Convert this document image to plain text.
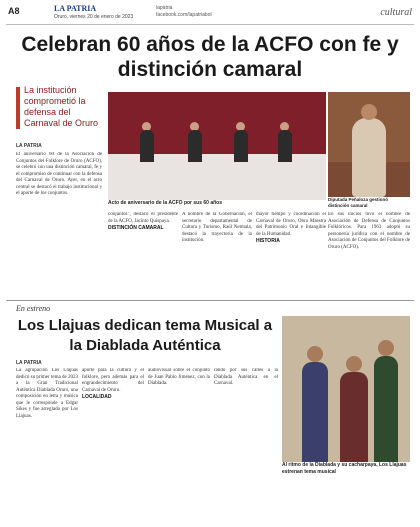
A8	LA PATRIA
Oruro, viernes 20 de enero de 2023
lapatria
facebook.com/lapatriabol	cultural
Celebran 60 años de la ACFO con fe y distinción camaral
La institución comprometió la defensa del Carnaval de Oruro
LA PATRIA
Acto de aniversario de la ACFO por sus 60 años
Diputada Peñaloza gestionó distinción camaral
El aniversario 60 de la Asociación de Conjuntos del Folklore de Oruro (ACFO), se celebró con una distinción camaral, fe y el compromiso de continuar con la defensa del Carnaval de Oruro. Ayer, en el acto central se destacó el trabajo institucional y el aporte de los conjuntos.
conjuntos", destacó el presidente de la ACFO, Jacinto Quispaya.
DISTINCIÓN CAMARAL
A nombre de la Gobernación, el secretario departamental de Cultura y Turismo, Raúl Nemtala, destacó la trayectoria de la institución.
mayor tiempo y coordinación el Carnaval de Oruro, Obra Maestra del Patrimonio Oral e Intangible de la Humanidad.
HISTORIA
En sus inicios tuvo el nombre de Asociación de Defensa de Conjuntos Folklóricos. Para 1963 adoptó su personería jurídica con el nombre de Asociación de Conjuntos del Folklore de Oruro (ACFO).
En estreno
Los Llajuas dedican tema Musical a la Diablada Auténtica
LA PATRIA
La agrupación Los Llajuas dedicó su primer tema de 2023 a la Gran Tradicional Auténtica Diablada Oruro, una composición en letra y música que le corresponde a Edgar Sikes y fue arreglado por Los Llajuas.
aporte para la cultura y el folklore, pero además para el engrandecimiento del Carnaval de Oruro.
LOCALIDAD
audiovisual sobre el conjunto de Juan Pablo Jiménez, con la Diablada.
rando por sus calles a la Diablada Auténtica en el Carnaval.
Al ritmo de la Diablada y su cacharpaya, Los Llajuas estrenan tema musical
